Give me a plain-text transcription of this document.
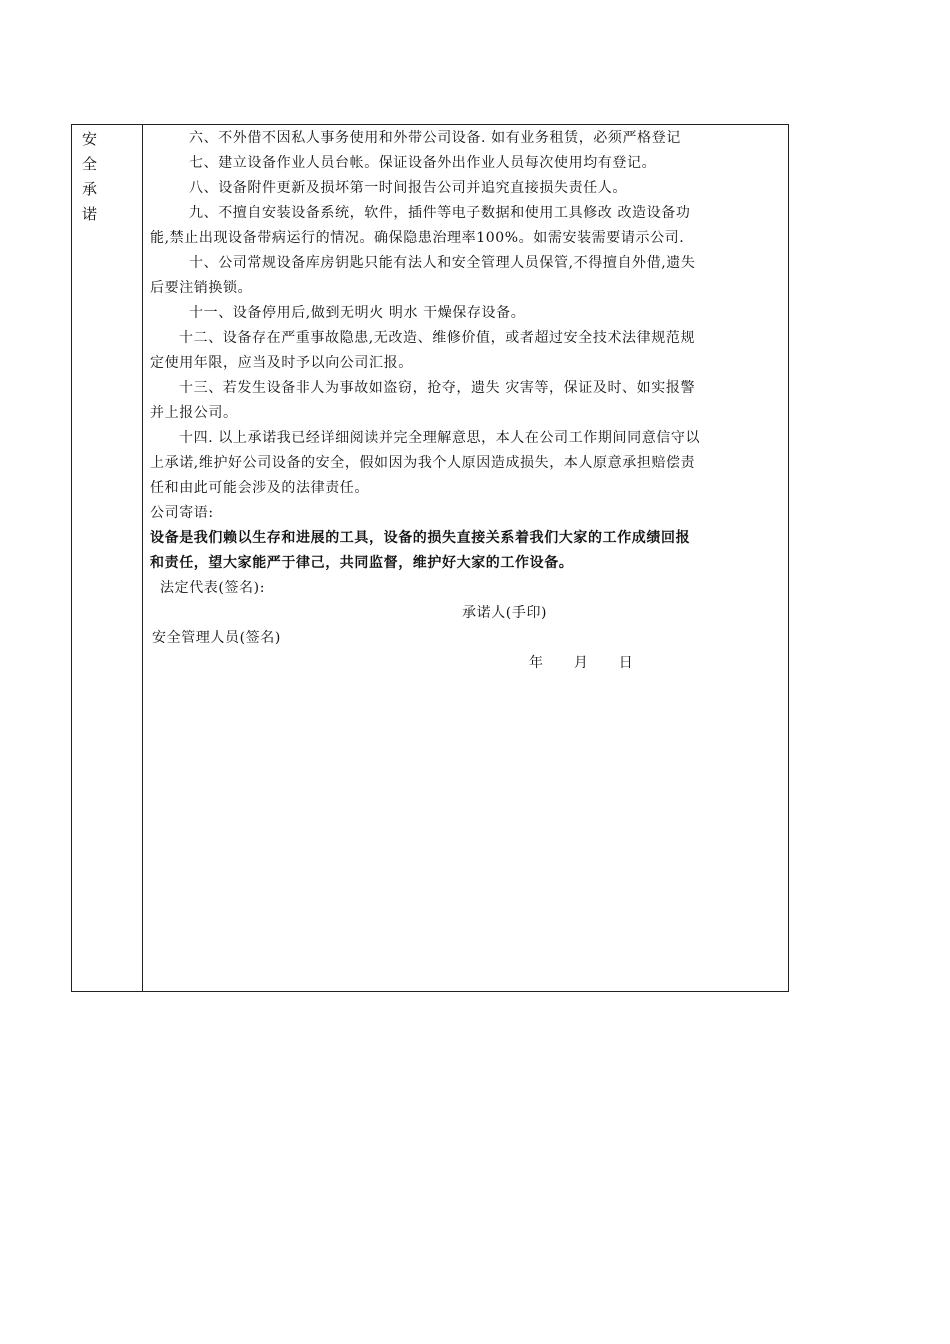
安
全
承
诺
六、不外借不因私人事务使用和外带公司设备. 如有业务租赁，必须严格登记
七、建立设备作业人员台帐。保证设备外出作业人员每次使用均有登记。
八、设备附件更新及损坏第一时间报告公司并追究直接损失责任人。
九、不擅自安装设备系统，软件，插件等电子数据和使用工具修改 改造设备功
能,禁止出现设备带病运行的情况。确保隐患治理率100%。如需安装需要请示公司.
十、公司常规设备库房钥匙只能有法人和安全管理人员保管,不得擅自外借,遗失
后要注销换锁。
十一、设备停用后,做到无明火 明水 干燥保存设备。
十二、设备存在严重事故隐患,无改造、维修价值，或者超过安全技术法律规范规
定使用年限，应当及时予以向公司汇报。
十三、若发生设备非人为事故如盗窃，抢夺，遗失 灾害等，保证及时、如实报警
并上报公司。
十四. 以上承诺我已经详细阅读并完全理解意思，本人在公司工作期间同意信守以
上承诺,维护好公司设备的安全，假如因为我个人原因造成损失，本人原意承担赔偿责
任和由此可能会涉及的法律责任。
公司寄语:
设备是我们赖以生存和进展的工具，设备的损失直接关系着我们大家的工作成绩回报
和责任，望大家能严于律己，共同监督，维护好大家的工作设备。
法定代表(签名):
承诺人(手印)
安全管理人员(签名)
年      月      日
